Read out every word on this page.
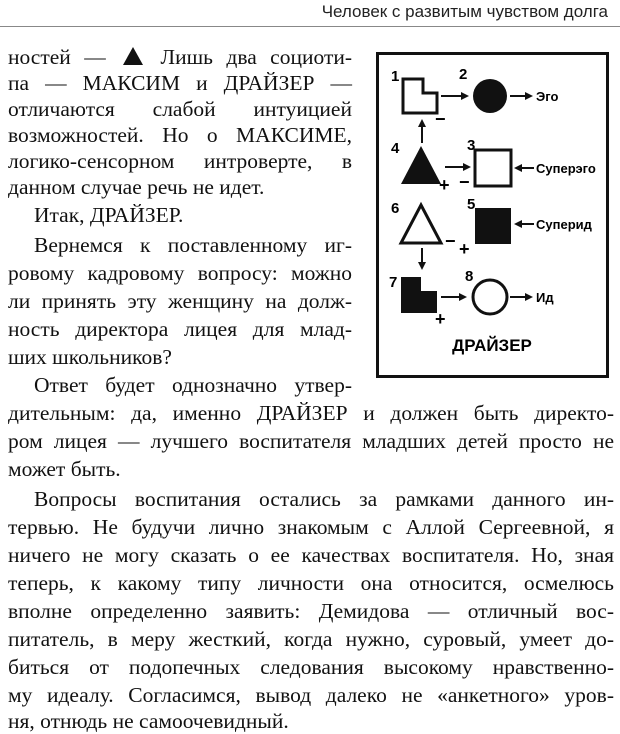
Человек с развитым чувством долга
ностей —  Лишь два социоти-
па — МАКСИМ и ДРАЙЗЕР —
отличаются слабой интуицией
возможностей. Но о МАКСИМЕ,
логико-сенсорном интроверте, в
данном случае речь не идет.
Итак, ДРАЙЗЕР.
Вернемся к поставленному иг-
ровому кадровому вопросу: можно
ли принять эту женщину на долж-
ность директора лицея для млад-
ших школьников?
Ответ будет однозначно утвер-
дительным: да, именно ДРАЙЗЕР и должен быть директо-
ром лицея — лучшего воспитателя младших детей просто не
может быть.
Вопросы воспитания остались за рамками данного ин-
тервью. Не будучи лично знакомым с Аллой Сергеевной, я
ничего не могу сказать о ее качествах воспитателя. Но, зная
теперь, к какому типу личности она относится, осмелюсь
вполне определенно заявить: Демидова — отличный вос-
питатель, в меру жесткий, когда нужно, суровый, умеет до-
биться от подопечных следования высокому нравственно-
му идеалу. Согласимся, вывод далеко не «анкетного» уров-
ня, отнюдь не самоочевидный.
1
−
2
Эго
4
+
3
−
Суперэго
6
−
5
+
Суперид
7
+
8
Ид
ДРАЙЗЕР
